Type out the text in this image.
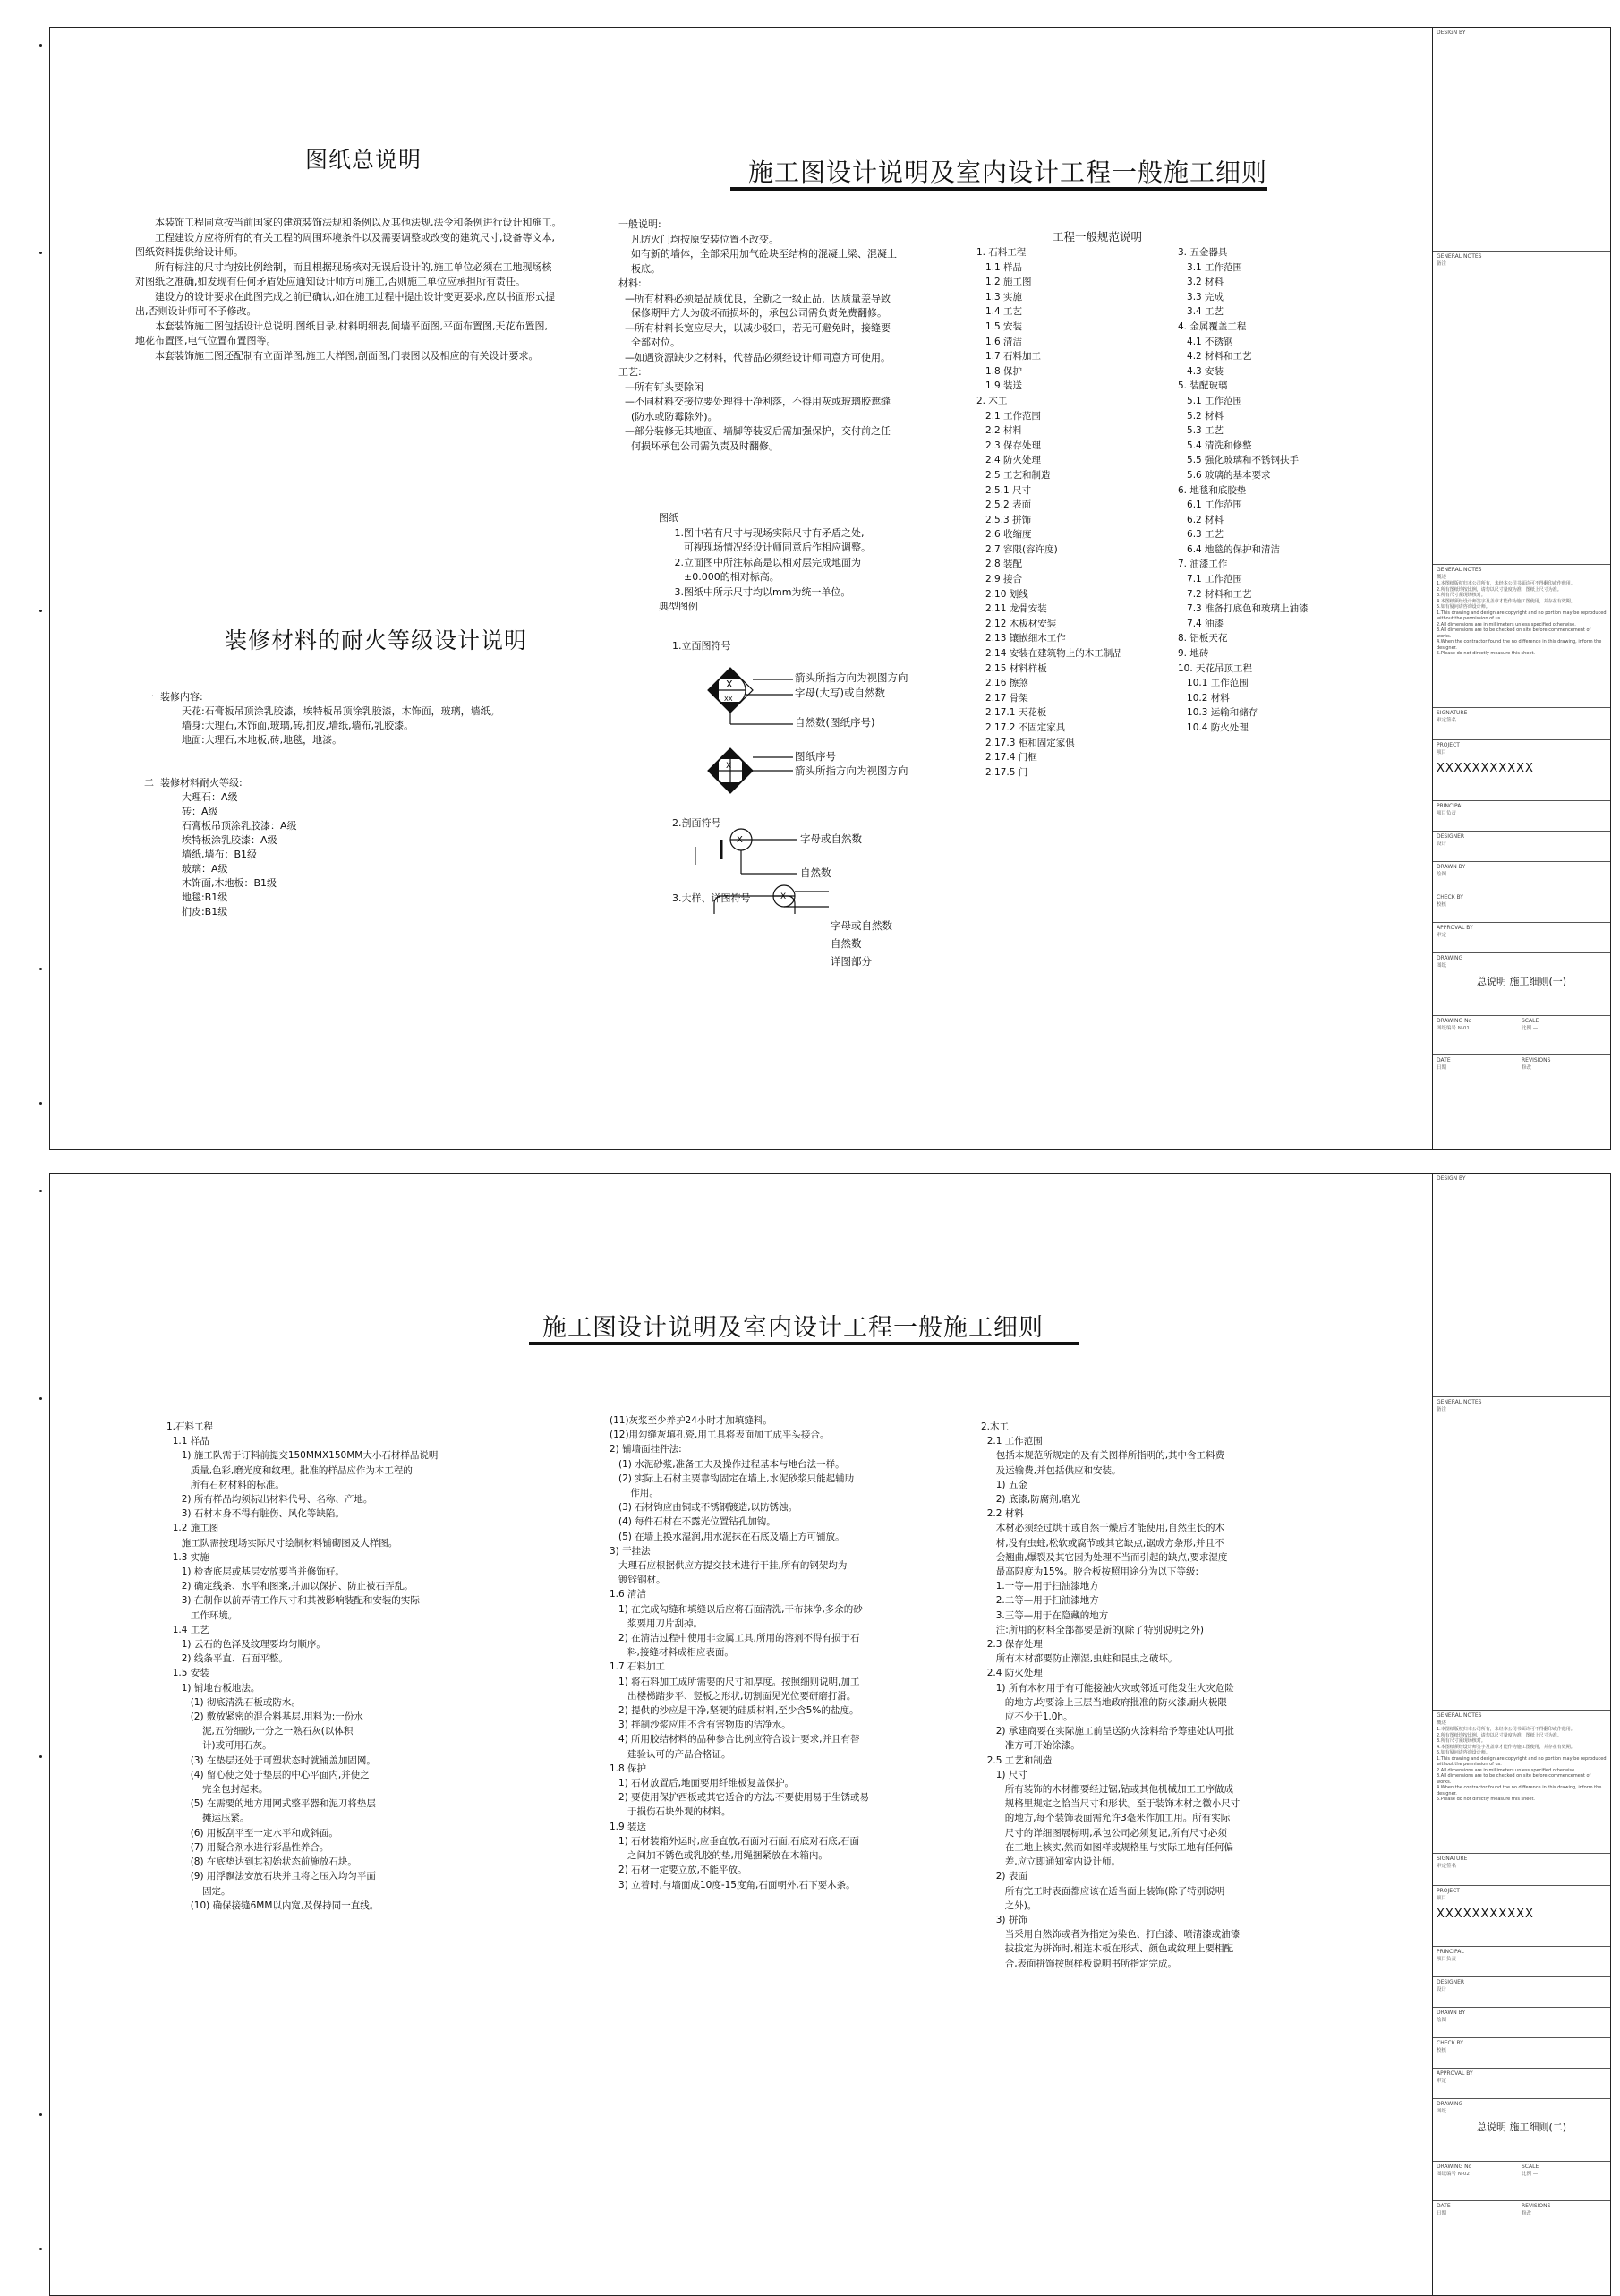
图纸总说明	施工图设计说明及室内设计工程一般施工细则
　　本装饰工程同意按当前国家的建筑装饰法规和条例以及其他法规,法令和条例进行设计和施工。
　　工程建设方应将所有的有关工程的周围环境条件以及需要调整或改变的建筑尺寸,设备等文本,
图纸资料提供给设计师。
　　所有标注的尺寸均按比例绘制，而且根据现场核对无误后设计的,施工单位必须在工地现场核
对图纸之准确,如发现有任何矛盾处应通知设计师方可施工,否则施工单位应承担所有责任。
　　建设方的设计要求在此图完成之前已确认,如在施工过程中提出设计变更要求,应以书面形式提
出,否则设计师可不予修改。
　　本套装饰施工图包括设计总说明,图纸目录,材料明细表,间墙平面图,平面布置图,天花布置图,
地花布置图,电气位置布置图等。
　　本套装饰施工图还配制有立面详图,施工大样图,剖面图,门表图以及相应的有关设计要求。
装修材料的耐火等级设计说明
一  装修内容:
天花:石膏板吊顶涂乳胶漆，埃特板吊顶涂乳胶漆，木饰面，玻璃，墙纸。
墙身:大理石,木饰面,玻璃,砖,扪皮,墙纸,墙布,乳胶漆。
地面:大理石,木地板,砖,地毯，地漆。

二  装修材料耐火等级:
大理石：A级
砖：A级
石膏板吊顶涂乳胶漆：A级
埃特板涂乳胶漆：A级
墙纸,墙布：B1级
玻璃：A级
木饰面,木地板：B1级
地毯:B1级
扪皮:B1级
一般说明:
凡防火门均按原安装位置不改变。
如有新的墙体，全部采用加气砼块至结构的混凝土梁、混凝土
板底。
材料:
—所有材料必须是品质优良，全新之一级正品，因质量差导致
保修期甲方人为破坏而损坏的，承包公司需负责免费翻修。
—所有材料长宽应尽大，以减少驳口，若无可避免时，接缝要
全部对位。
—如遇资源缺少之材料，代替品必须经设计师同意方可使用。
工艺:
—所有钉头要除闲
—不同材料交接位要处理得干净利落，不得用灰或玻璃胶遮缝
(防水或防霉除外)。
—部分装修无其地面、墙脚等装妥后需加强保护，交付前之任
何损坏承包公司需负责及时翻修。
图纸
1.图中若有尺寸与现场实际尺寸有矛盾之处,
可视现场情况经设计师同意后作相应调整。
2.立面图中所注标高是以相对层完成地面为
±0.000的相对标高。
3.图纸中所示尺寸均以mm为统一单位。
典型图例
1.立面图符号
X
XX
X
X
X
箭头所指方向为视图方向
字母(大写)或自然数
自然数(图纸序号)
图纸序号
箭头所指方向为视图方向
2.剖面符号
字母或自然数
自然数
3.大样、详图符号
字母或自然数
自然数
详图部分
工程一般规范说明
1. 石料工程
1.1 样品
1.2 施工图
1.3 实施
1.4 工艺
1.5 安装
1.6 清洁
1.7 石料加工
1.8 保护
1.9 装送
2. 木工
2.1 工作范围
2.2 材料
2.3 保存处理
2.4 防火处理
2.5 工艺和制造
2.5.1 尺寸
2.5.2 表面
2.5.3 拼饰
2.6 收缩度
2.7 容限(容许度)
2.8 装配
2.9 接合
2.10 划线
2.11 龙骨安装
2.12 木板材安装
2.13 镶嵌细木工作
2.14 安装在建筑物上的木工制品
2.15 材料样板
2.16 擦煞
2.17 骨架
2.17.1 天花板
2.17.2 不固定家具
2.17.3 柜和固定家俱
2.17.4 门框
2.17.5 门
3. 五金器具
3.1 工作范围
3.2 材料
3.3 完成
3.4 工艺
4. 金属覆盖工程
4.1 不锈钢
4.2 材料和工艺
4.3 安装
5. 装配玻璃
5.1 工作范围
5.2 材料
5.3 工艺
5.4 清洗和修整
5.5 强化玻璃和不锈钢扶手
5.6 玻璃的基本要求
6. 地毯和底胶垫
6.1 工作范围
6.2 材料
6.3 工艺
6.4 地毯的保护和清洁
7. 油漆工作
7.1 工作范围
7.2 材料和工艺
7.3 准备打底色和玻璃上油漆
7.4 油漆
8. 铝板天花
9. 地砖
10. 天花吊顶工程
10.1 工作范围
10.2 材料
10.3 运输和储存
10.4 防火处理
DESIGN BY
GENERAL NOTES
备注
GENERAL NOTES
概述
1.本图纸版权归本公司所有，未经本公司书面许可不得翻印或作他用。
2.所有图纸均按比例，请勿以尺寸量度为准，图纸上尺寸为准。
3.所有尺寸须现场核对。
4.本图纸须经设计师签字及盖章才能作为施工图使用，并存在有效期。
5.如有疑问请咨询设计师。
1.This drawing and design are copyright and no portion may be reproduced without the permission of us.
2.All dimensions are in millimeters unless specified otherwise.
3.All dimensions are to be checked on site before commencement of works.
4.When the contractor found the no difference in this drawing, inform the designer.
5.Please do not directly measure this sheet.
SIGNATURE
审定签名
PROJECT
项目
XXXXXXXXXXX
PRINCIPAL
项目负责
DESIGNER
设计
DRAWN BY
绘图
CHECK BY
校核
APPROVAL BY
审定
DRAWING
图纸
总说明 施工细则(一)
DRAWING No
图纸编号 N-01
SCALE
比例 —
DATE
日期
REVISIONS
修改
施工图设计说明及室内设计工程一般施工细则
1.石料工程
1.1 样品
1) 施工队需于订料前提交150MMX150MM大小石材样品说明
质量,色彩,磨光度和纹理。批准的样品应作为本工程的
所有石材材料的标准。
2) 所有样品均须标出材料代号、名称、产地。
3) 石材本身不得有脏伤、风化等缺陷。
1.2 施工图
施工队需按现场实际尺寸绘制材料铺砌图及大样图。
1.3 实施
1) 检查底层或基层安放要当并修饰好。
2) 确定线条、水平和图案,并加以保护、防止被石弄乱。
3) 在制作以前弄清工作尺寸和其被影响装配和安装的实际
工作环境。
1.4 工艺
1) 云石的色泽及纹理要均匀顺序。
2) 线条平直、石面平整。
1.5 安装
1) 铺地台板地法。
(1) 彻底清洗石板或防水。
(2) 敷放紧密的混合料基层,用料为:一份水
泥,五份细砂,十分之一熟石灰(以体积
计)或可用石灰。
(3) 在垫层还处于可塑状态时就铺盖加固网。
(4) 留心使之处于垫层的中心平面内,并使之
完全包封起来。
(5) 在需要的地方用网式整平器和泥刀将垫层
摊运压紧。
(6) 用板刮平至一定水平和成斜面。
(7) 用凝合剂水进行彩晶性养合。
(8) 在底垫达到其初始状态前施放石块。
(9) 用浮飘法安放石块并且将之压入均匀平面
固定。
(10) 确保接缝6MM以内宽,及保持同一直线。
(11)灰浆至少养护24小时才加填缝料。
(12)用勾缝灰填孔瓷,用工具将表面加工成平头接合。
2) 铺墙面挂件法:
(1) 水泥砂浆,准备工夫及操作过程基本与地台法一样。
(2) 实际上石材主要靠钩固定在墙上,水泥砂浆只能起辅助
作用。
(3) 石材钩应由铜或不锈钢镀造,以防锈蚀。
(4) 每件石材在不露光位置钻孔加钩。
(5) 在墙上换水湿润,用水泥抹在石底及墙上方可铺放。
3) 干挂法
大理石应根据供应方提交技术进行干挂,所有的钢架均为
镀锌钢材。
1.6 清洁
1) 在完成勾缝和填缝以后应将石面清洗,干布抹净,多余的砂
浆要用刀片刮掉。
2) 在清洁过程中使用非金属工具,所用的溶剂不得有损于石
料,接缝材料成相应表面。
1.7 石料加工
1) 将石料加工成所需要的尺寸和厚度。按照细则说明,加工
出楼梯踏步平、竖板之形状,切割面见光位要研磨打滑。
2) 提供的沙应是干净,坚硬的硅质材料,至少含5%的盐度。
3) 拌制沙浆应用不含有害物质的洁净水。
4) 所用胶结材料的品种参合比例应符合设计要求,并且有替
建验认可的产品合格证。
1.8 保护
1) 石材放置后,地面要用纤维板复盖保护。
2) 要使用保护西板或其它适合的方法,不要使用易于生锈或易
于损伤石块外观的材料。
1.9 装送
1) 石材装箱外运时,应垂直放,石面对石面,石底对石底,石面
之间加不锈色或乳胶的垫,用绳捆紧放在木箱内。
2) 石材一定要立放,不能平放。
3) 立着时,与墙面成10度-15度角,石面朝外,石下要木条。
2.木工
2.1 工作范围
包括本规范所规定的及有关图样所指明的,其中含工料费
及运输费,并包括供应和安装。
1) 五金
2) 底漆,防腐剂,磨光
2.2 材料
木材必须经过烘干或自然干燥后才能使用,自然生长的木
材,没有虫蛀,松软或腐节或其它缺点,锯成方条形,并且不
会翘曲,爆裂及其它因为处理不当而引起的缺点,要求湿度
最高限度为15%。胶合板按照用途分为以下等级:
1.一等—用于扫油漆地方
2.二等—用于扫油漆地方
3.三等—用于在隐藏的地方
注:所用的材料全部都要是新的(除了特别说明之外)
2.3 保存处理
所有木材都要防止潮湿,虫蛀和昆虫之破坏。
2.4 防火处理
1) 所有木材用于有可能接触火灾或邻近可能发生火灾危险
的地方,均要涂上三层当地政府批准的防火漆,耐火极限
应不少于1.0h。
2) 承建商要在实际施工前呈送防火涂料给予筹建处认可批
准方可开始涂漆。
2.5 工艺和制造
1) 尺寸
所有装饰的木材都要经过锯,钻或其他机械加工工序做成
规格里规定之恰当尺寸和形状。至于装饰木材之微小尺寸
的地方,每个装饰表面需允许3毫米作加工用。所有实际
尺寸的详细图展标明,承包公司必须复记,所有尺寸必须
在工地上核实,然而如图样或规格里与实际工地有任何偏
差,应立即通知室内设计师。
2) 表面
所有完工时表面都应该在适当面上装饰(除了特别说明
之外)。
3) 拼饰
当采用自然饰或者为指定为染色、打白漆、喷清漆或油漆
拔拔定为拼饰时,相连木板在形式、颜色或纹理上要相配
合,表面拼饰按照样板说明书所指定完成。
DESIGN BY
GENERAL NOTES
备注
GENERAL NOTES
概述
1.本图纸版权归本公司所有，未经本公司书面许可不得翻印或作他用。
2.所有图纸均按比例，请勿以尺寸量度为准，图纸上尺寸为准。
3.所有尺寸须现场核对。
4.本图纸须经设计师签字及盖章才能作为施工图使用，并存在有效期。
5.如有疑问请咨询设计师。
1.This drawing and design are copyright and no portion may be reproduced without the permission of us.
2.All dimensions are in millimeters unless specified otherwise.
3.All dimensions are to be checked on site before commencement of works.
4.When the contractor found the no difference in this drawing, inform the designer.
5.Please do not directly measure this sheet.
SIGNATURE
审定签名
PROJECT
项目
XXXXXXXXXXX
PRINCIPAL
项目负责
DESIGNER
设计
DRAWN BY
绘图
CHECK BY
校核
APPROVAL BY
审定
DRAWING
图纸
总说明 施工细则(二)
DRAWING No
图纸编号 N-02
SCALE
比例 —
DATE
日期
REVISIONS
修改
